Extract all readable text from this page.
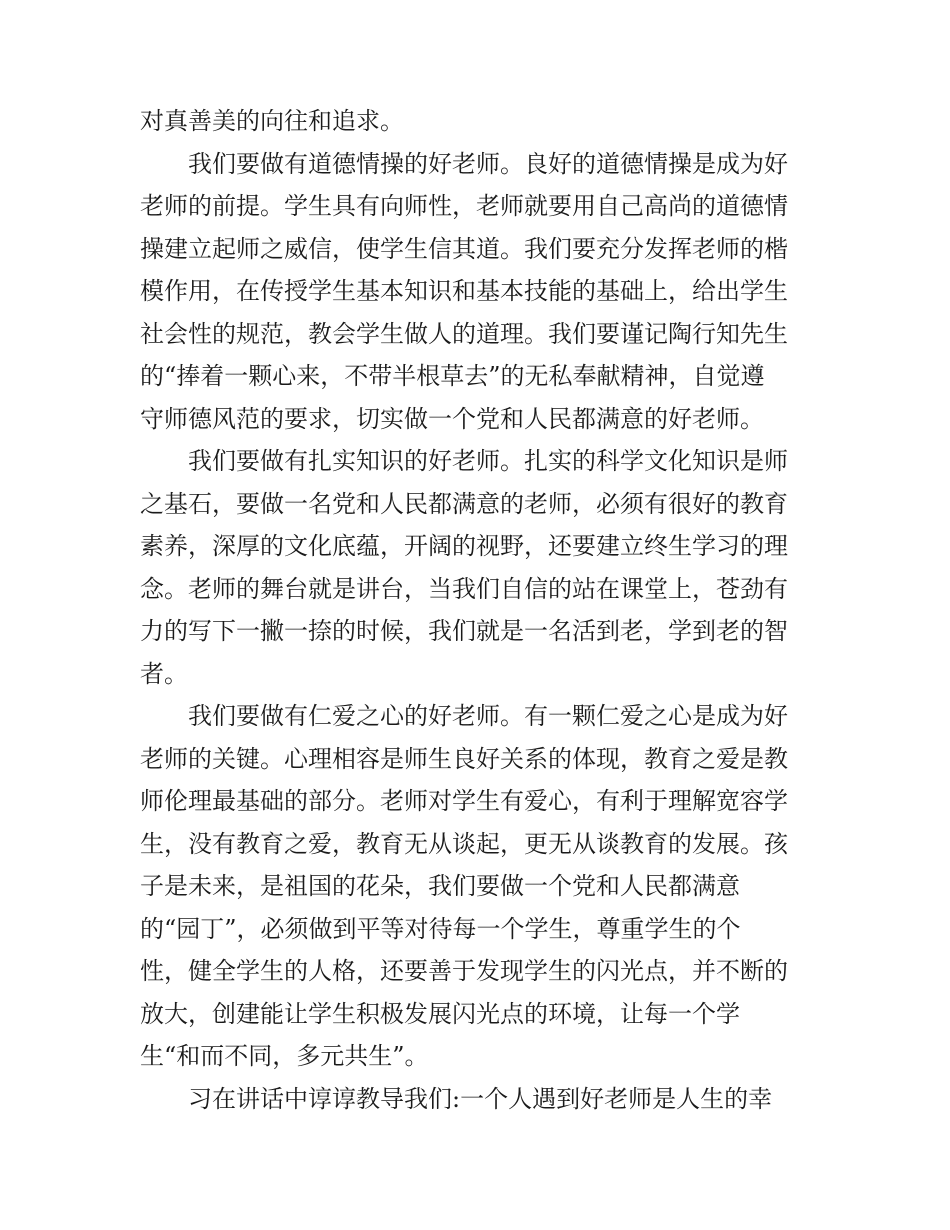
对真善美的向往和追求。
我们要做有道德情操的好老师。良好的道德情操是成为好
老师的前提。学生具有向师性，老师就要用自己高尚的道德情
操建立起师之威信，使学生信其道。我们要充分发挥老师的楷
模作用，在传授学生基本知识和基本技能的基础上，给出学生
社会性的规范，教会学生做人的道理。我们要谨记陶行知先生
的“捧着一颗心来，不带半根草去”的无私奉献精神，自觉遵
守师德风范的要求，切实做一个党和人民都满意的好老师。
我们要做有扎实知识的好老师。扎实的科学文化知识是师
之基石，要做一名党和人民都满意的老师，必须有很好的教育
素养，深厚的文化底蕴，开阔的视野，还要建立终生学习的理
念。老师的舞台就是讲台，当我们自信的站在课堂上，苍劲有
力的写下一撇一捺的时候，我们就是一名活到老，学到老的智
者。
我们要做有仁爱之心的好老师。有一颗仁爱之心是成为好
老师的关键。心理相容是师生良好关系的体现，教育之爱是教
师伦理最基础的部分。老师对学生有爱心，有利于理解宽容学
生，没有教育之爱，教育无从谈起，更无从谈教育的发展。孩
子是未来，是祖国的花朵，我们要做一个党和人民都满意
的“园丁”，必须做到平等对待每一个学生，尊重学生的个
性，健全学生的人格，还要善于发现学生的闪光点，并不断的
放大，创建能让学生积极发展闪光点的环境，让每一个学
生“和而不同，多元共生”。
习在讲话中谆谆教导我们:一个人遇到好老师是人生的幸
